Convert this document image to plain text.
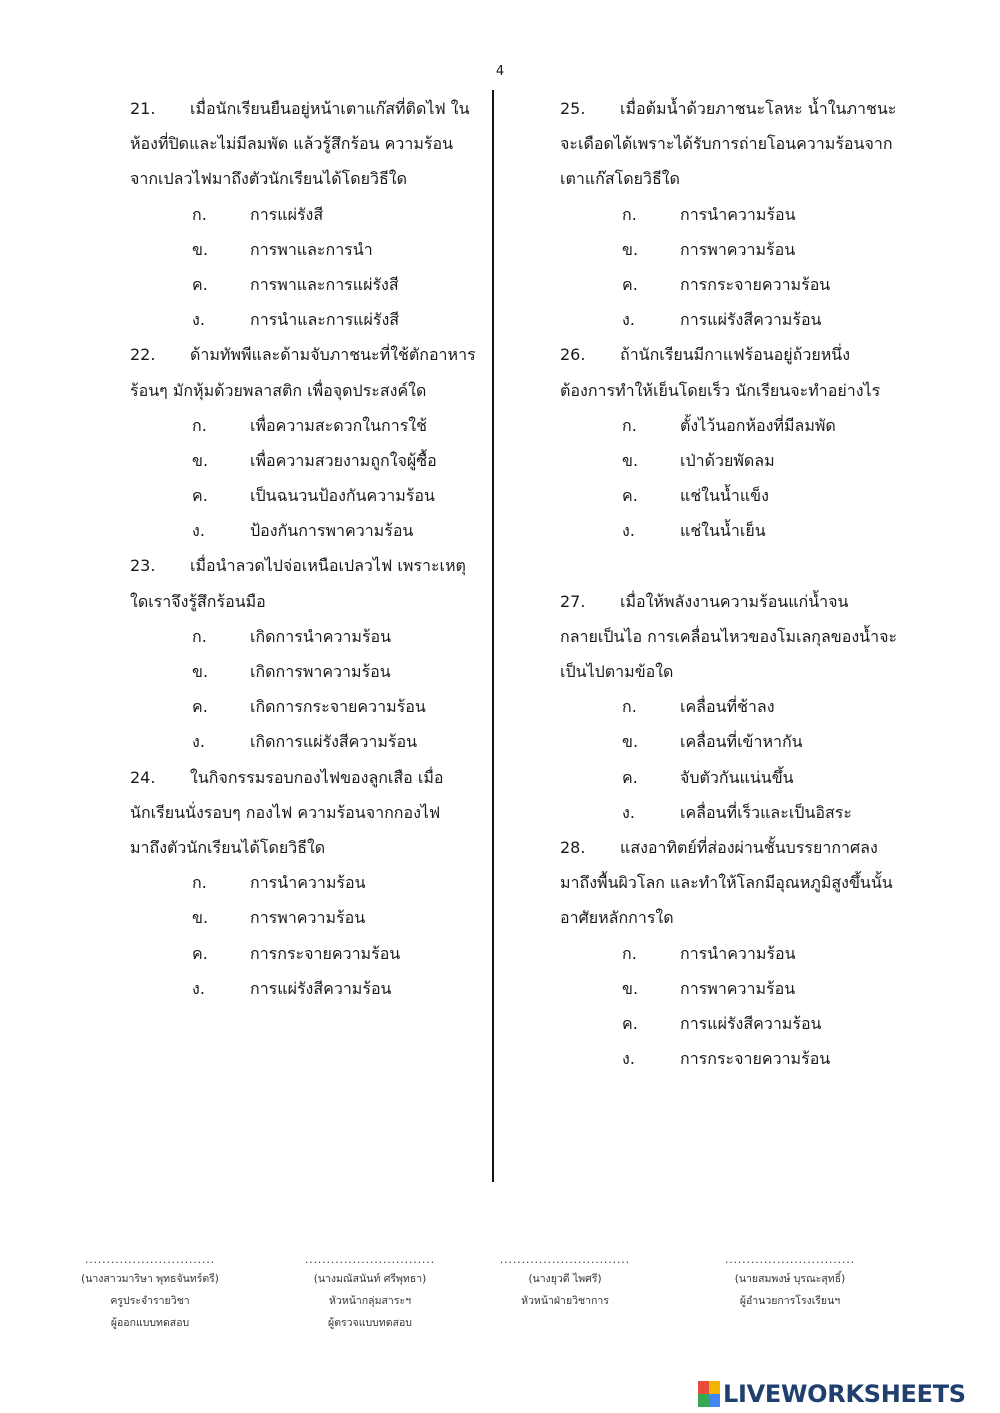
4
21. เมื่อนักเรียนยืนอยู่หน้าเตาแก๊สที่ติดไฟ ใน
ห้องที่ปิดและไม่มีลมพัด แล้วรู้สึกร้อน ความร้อน
จากเปลวไฟมาถึงตัวนักเรียนได้โดยวิธีใด
ก.	การแผ่รังสี
ข.	การพาและการนำ
ค.	การพาและการแผ่รังสี
ง.	การนำและการแผ่รังสี
22. ด้ามทัพพีและด้ามจับภาชนะที่ใช้ตักอาหาร
ร้อนๆ มักหุ้มด้วยพลาสติก เพื่อจุดประสงค์ใด
ก.	เพื่อความสะดวกในการใช้
ข.	เพื่อความสวยงามถูกใจผู้ซื้อ
ค.	เป็นฉนวนป้องกันความร้อน
ง.	ป้องกันการพาความร้อน
23. เมื่อนำลวดไปจ่อเหนือเปลวไฟ เพราะเหตุ
ใดเราจึงรู้สึกร้อนมือ
ก.	เกิดการนำความร้อน
ข.	เกิดการพาความร้อน
ค.	เกิดการกระจายความร้อน
ง.	เกิดการแผ่รังสีความร้อน
24. ในกิจกรรมรอบกองไฟของลูกเสือ เมื่อ
นักเรียนนั่งรอบๆ กองไฟ ความร้อนจากกองไฟ
มาถึงตัวนักเรียนได้โดยวิธีใด
ก.	การนำความร้อน
ข.	การพาความร้อน
ค.	การกระจายความร้อน
ง.	การแผ่รังสีความร้อน
25. เมื่อต้มน้ำด้วยภาชนะโลหะ น้ำในภาชนะ
จะเดือดได้เพราะได้รับการถ่ายโอนความร้อนจาก
เตาแก๊สโดยวิธีใด
ก.	การนำความร้อน
ข.	การพาความร้อน
ค.	การกระจายความร้อน
ง.	การแผ่รังสีความร้อน
26. ถ้านักเรียนมีกาแฟร้อนอยู่ถ้วยหนึ่ง
ต้องการทำให้เย็นโดยเร็ว นักเรียนจะทำอย่างไร
ก.	ตั้งไว้นอกห้องที่มีลมพัด
ข.	เป่าด้วยพัดลม
ค.	แช่ในน้ำแข็ง
ง.	แช่ในน้ำเย็น
27. เมื่อให้พลังงานความร้อนแก่น้ำจน
กลายเป็นไอ การเคลื่อนไหวของโมเลกุลของน้ำจะ
เป็นไปตามข้อใด
ก.	เคลื่อนที่ช้าลง
ข.	เคลื่อนที่เข้าหากัน
ค.	จับตัวกันแน่นขึ้น
ง.	เคลื่อนที่เร็วและเป็นอิสระ
28. แสงอาทิตย์ที่ส่องผ่านชั้นบรรยากาศลง
มาถึงพื้นผิวโลก และทำให้โลกมีอุณหภูมิสูงขึ้นนั้น
อาศัยหลักการใด
ก.	การนำความร้อน
ข.	การพาความร้อน
ค.	การแผ่รังสีความร้อน
ง.	การกระจายความร้อน
..............................
(นางสาวมาริษา พุทธจันทร์ตรี)
ครูประจำรายวิชา
ผู้ออกแบบทดสอบ
..............................
(นางมณัสนันท์ ศรีพุทธา)
หัวหน้ากลุ่มสาระฯ
ผู้ตรวจแบบทดสอบ
..............................
(นางยุวดี ไพศรี)
หัวหน้าฝ่ายวิชาการ
..............................
(นายสมพงษ์ บุรณะสุทธิ์)
ผู้อำนวยการโรงเรียนฯ
LIVEWORKSHEETS
